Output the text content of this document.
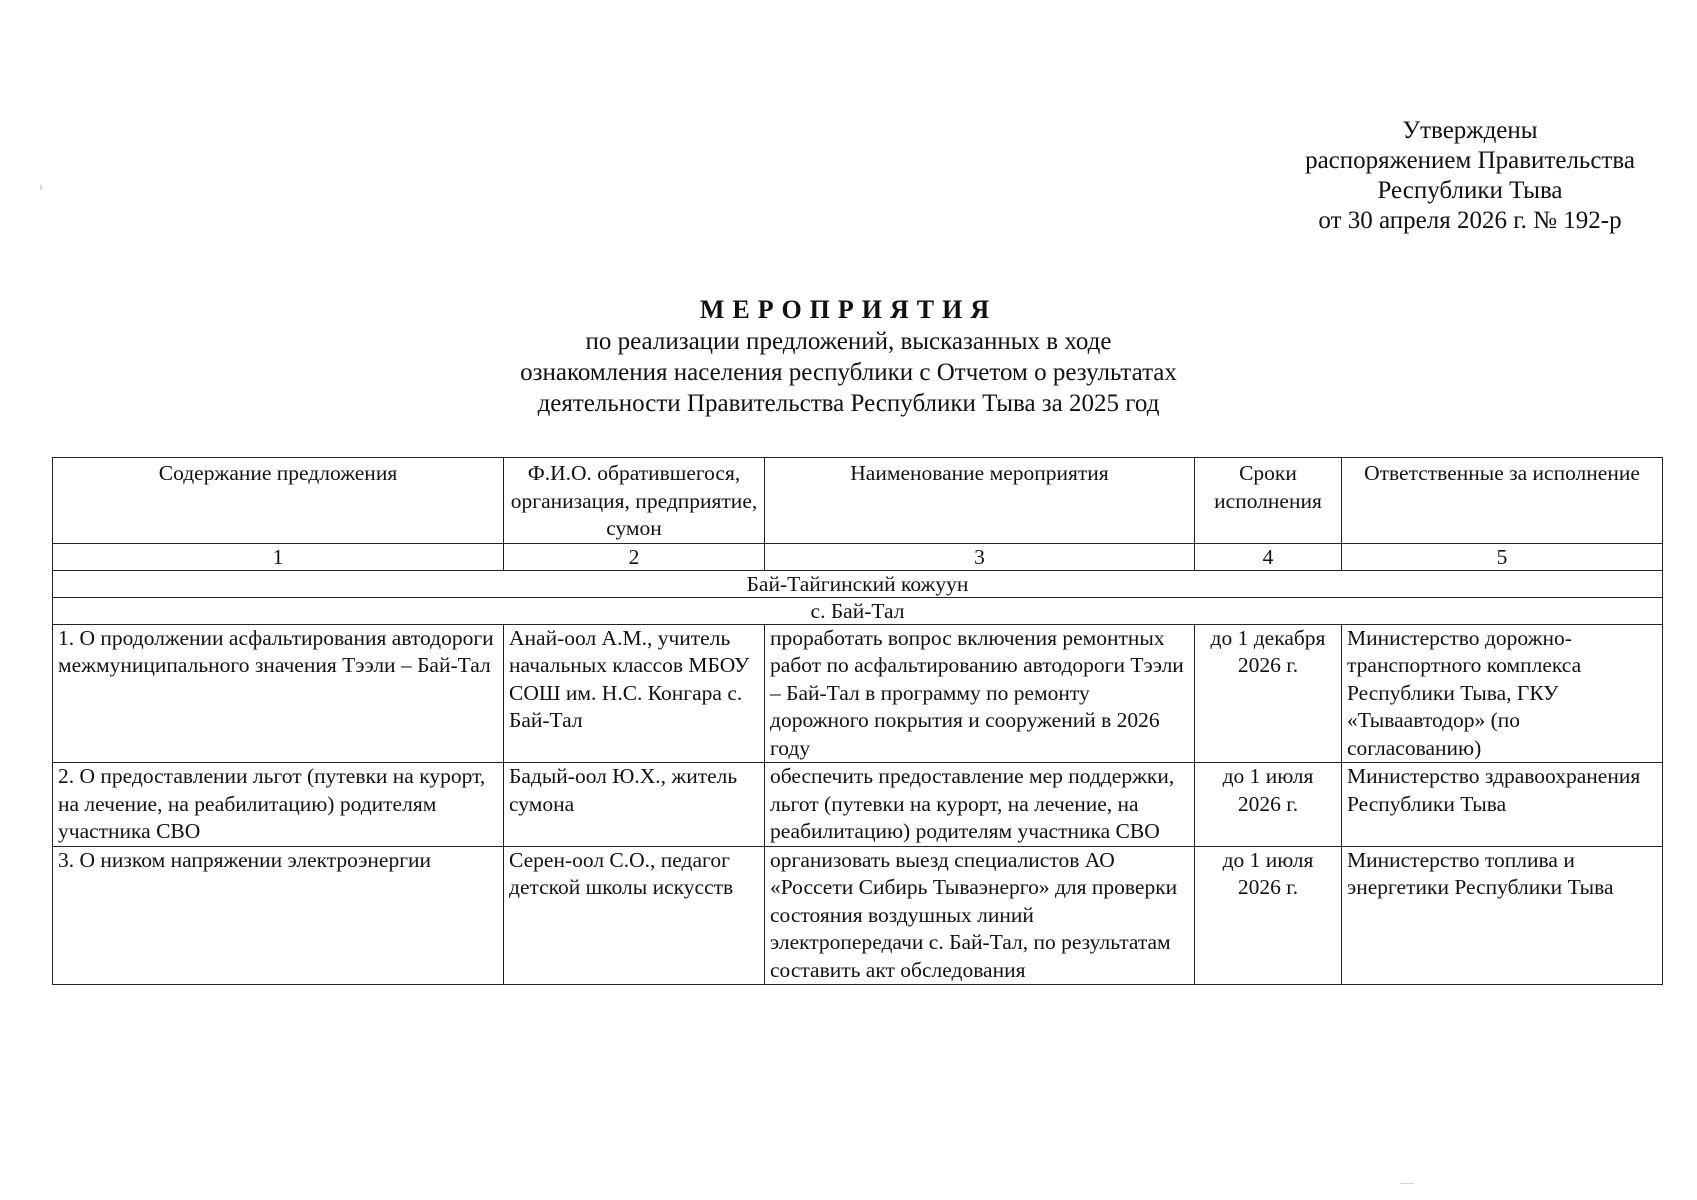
Утверждены
распоряжением Правительства
Республики Тыва
от 30 апреля 2026 г. № 192-р
МЕРОПРИЯТИЯ
по реализации предложений, высказанных в ходе
ознакомления населения республики с Отчетом о результатах
деятельности Правительства Республики Тыва за 2025 год
Содержание предложения	Ф.И.О. обратившегося, организация, предприятие, сумон	Наименование мероприятия	Сроки исполнения	Ответственные за исполнение
1	2	3	4	5
Бай-Тайгинский кожуун				
с. Бай-Тал				
1. О продолжении асфальтирования автодороги межмуниципального значения Тээли – Бай-Тал	Анай-оол А.М., учитель начальных классов МБОУ СОШ им. Н.С. Конгара с. Бай-Тал	проработать вопрос включения ремонтных работ по асфальтированию автодороги Тээли – Бай-Тал в программу по ремонту дорожного покрытия и сооружений в 2026 году	до 1 декабря 2026 г.	Министерство дорожно-транспортного комплекса Республики Тыва, ГКУ «Тываавтодор» (по согласованию)
2. О предоставлении льгот (путевки на курорт, на лечение, на реабилитацию) родителям участника СВО	Бадый-оол Ю.Х., житель сумона	обеспечить предоставление мер поддержки, льгот (путевки на курорт, на лечение, на реабилитацию) родителям участника СВО	до 1 июля 2026 г.	Министерство здравоохранения Республики Тыва
3. О низком напряжении электроэнергии	Серен-оол С.О., педагог детской школы искусств	организовать выезд специалистов АО «Россети Сибирь Тываэнерго» для проверки состояния воздушных линий электропередачи с. Бай-Тал, по результатам составить акт обследования	до 1 июля 2026 г.	Министерство топлива и энергетики Республики Тыва
